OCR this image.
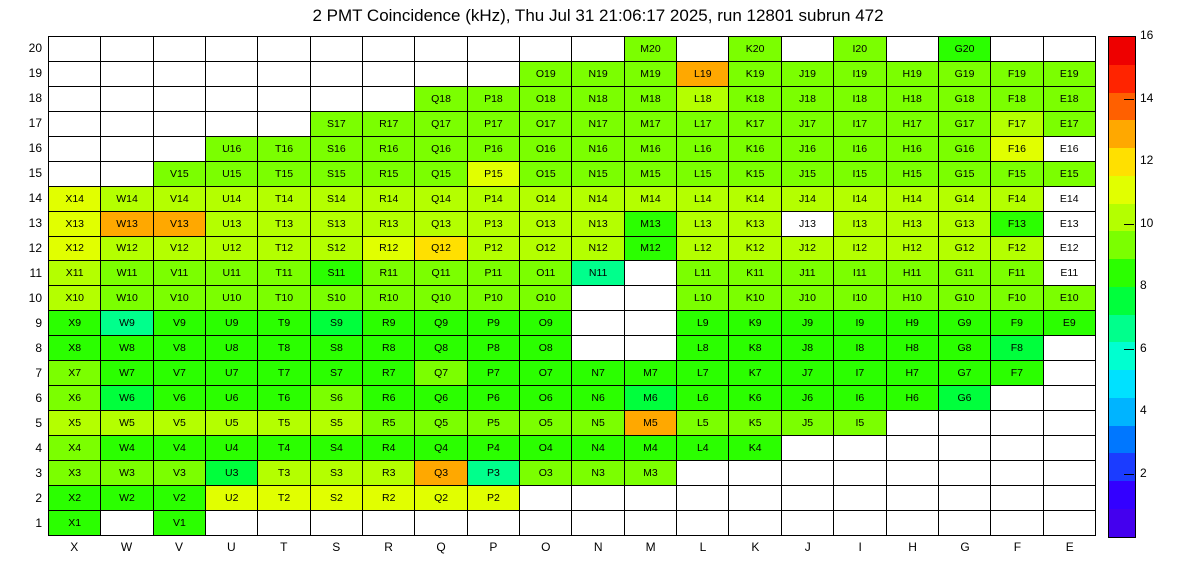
2 PMT Coincidence (kHz), Thu Jul 31 21:06:17 2025, run 12801 subrun 472
											M20		K20		I20		G20		
									O19	N19	M19	L19	K19	J19	I19	H19	G19	F19	E19
							Q18	P18	O18	N18	M18	L18	K18	J18	I18	H18	G18	F18	E18
					S17	R17	Q17	P17	O17	N17	M17	L17	K17	J17	I17	H17	G17	F17	E17
			U16	T16	S16	R16	Q16	P16	O16	N16	M16	L16	K16	J16	I16	H16	G16	F16	E16
		V15	U15	T15	S15	R15	Q15	P15	O15	N15	M15	L15	K15	J15	I15	H15	G15	F15	E15
X14	W14	V14	U14	T14	S14	R14	Q14	P14	O14	N14	M14	L14	K14	J14	I14	H14	G14	F14	E14
X13	W13	V13	U13	T13	S13	R13	Q13	P13	O13	N13	M13	L13	K13	J13	I13	H13	G13	F13	E13
X12	W12	V12	U12	T12	S12	R12	Q12	P12	O12	N12	M12	L12	K12	J12	I12	H12	G12	F12	E12
X11	W11	V11	U11	T11	S11	R11	Q11	P11	O11	N11		L11	K11	J11	I11	H11	G11	F11	E11
X10	W10	V10	U10	T10	S10	R10	Q10	P10	O10			L10	K10	J10	I10	H10	G10	F10	E10
X9	W9	V9	U9	T9	S9	R9	Q9	P9	O9			L9	K9	J9	I9	H9	G9	F9	E9
X8	W8	V8	U8	T8	S8	R8	Q8	P8	O8			L8	K8	J8	I8	H8	G8	F8	
X7	W7	V7	U7	T7	S7	R7	Q7	P7	O7	N7	M7	L7	K7	J7	I7	H7	G7	F7	
X6	W6	V6	U6	T6	S6	R6	Q6	P6	O6	N6	M6	L6	K6	J6	I6	H6	G6		
X5	W5	V5	U5	T5	S5	R5	Q5	P5	O5	N5	M5	L5	K5	J5	I5				
X4	W4	V4	U4	T4	S4	R4	Q4	P4	O4	N4	M4	L4	K4						
X3	W3	V3	U3	T3	S3	R3	Q3	P3	O3	N3	M3								
X2	W2	V2	U2	T2	S2	R2	Q2	P2											
X1		V1																	
20
19
18
17
16
15
14
13
12
11
10
9
8
7
6
5
4
3
2
1
X	W	V	U	T	S	R	Q	P	O	N	M	L	K	J	I	H	G	F	E
2
4
6
8
10
12
14
16
